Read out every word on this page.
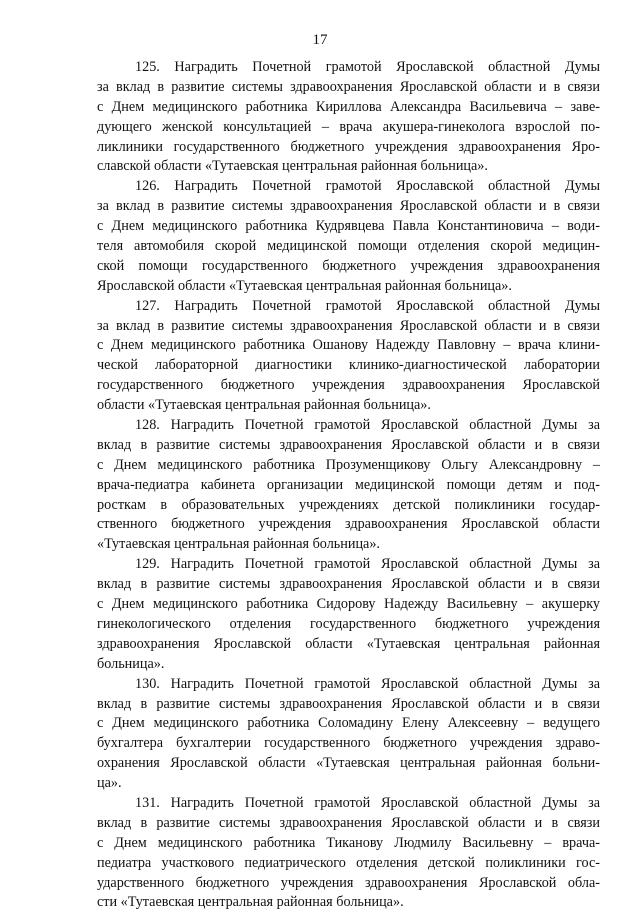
17
125. Наградить Почетной грамотой Ярославской областной Думы
за вклад в развитие системы здравоохранения Ярославской области и в связи
с Днем медицинского работника Кириллова Александра Васильевича – заве-
дующего женской консультацией – врача акушера-гинеколога взрослой по-
ликлиники государственного бюджетного учреждения здравоохранения Яро-
славской области «Тутаевская центральная районная больница».
126. Наградить Почетной грамотой Ярославской областной Думы
за вклад в развитие системы здравоохранения Ярославской области и в связи
с Днем медицинского работника Кудрявцева Павла Константиновича – води-
теля автомобиля скорой медицинской помощи отделения скорой медицин-
ской помощи государственного бюджетного учреждения здравоохранения
Ярославской области «Тутаевская центральная районная больница».
127. Наградить Почетной грамотой Ярославской областной Думы
за вклад в развитие системы здравоохранения Ярославской области и в связи
с Днем медицинского работника Ошанову Надежду Павловну – врача клини-
ческой лабораторной диагностики клинико-диагностической лаборатории
государственного бюджетного учреждения здравоохранения Ярославской
области «Тутаевская центральная районная больница».
128. Наградить Почетной грамотой Ярославской областной Думы за
вклад в развитие системы здравоохранения Ярославской области и в связи
с Днем медицинского работника Прозуменщикову Ольгу Александровну –
врача-педиатра кабинета организации медицинской помощи детям и под-
росткам в образовательных учреждениях детской поликлиники государ-
ственного бюджетного учреждения здравоохранения Ярославской области
«Тутаевская центральная районная больница».
129. Наградить Почетной грамотой Ярославской областной Думы за
вклад в развитие системы здравоохранения Ярославской области и в связи
с Днем медицинского работника Сидорову Надежду Васильевну – акушерку
гинекологического отделения государственного бюджетного учреждения
здравоохранения Ярославской области «Тутаевская центральная районная
больница».
130. Наградить Почетной грамотой Ярославской областной Думы за
вклад в развитие системы здравоохранения Ярославской области и в связи
с Днем медицинского работника Соломадину Елену Алексеевну – ведущего
бухгалтера бухгалтерии государственного бюджетного учреждения здраво-
охранения Ярославской области «Тутаевская центральная районная больни-
ца».
131. Наградить Почетной грамотой Ярославской областной Думы за
вклад в развитие системы здравоохранения Ярославской области и в связи
с Днем медицинского работника Тиканову Людмилу Васильевну – врача-
педиатра участкового педиатрического отделения детской поликлиники гос-
ударственного бюджетного учреждения здравоохранения Ярославской обла-
сти «Тутаевская центральная районная больница».
